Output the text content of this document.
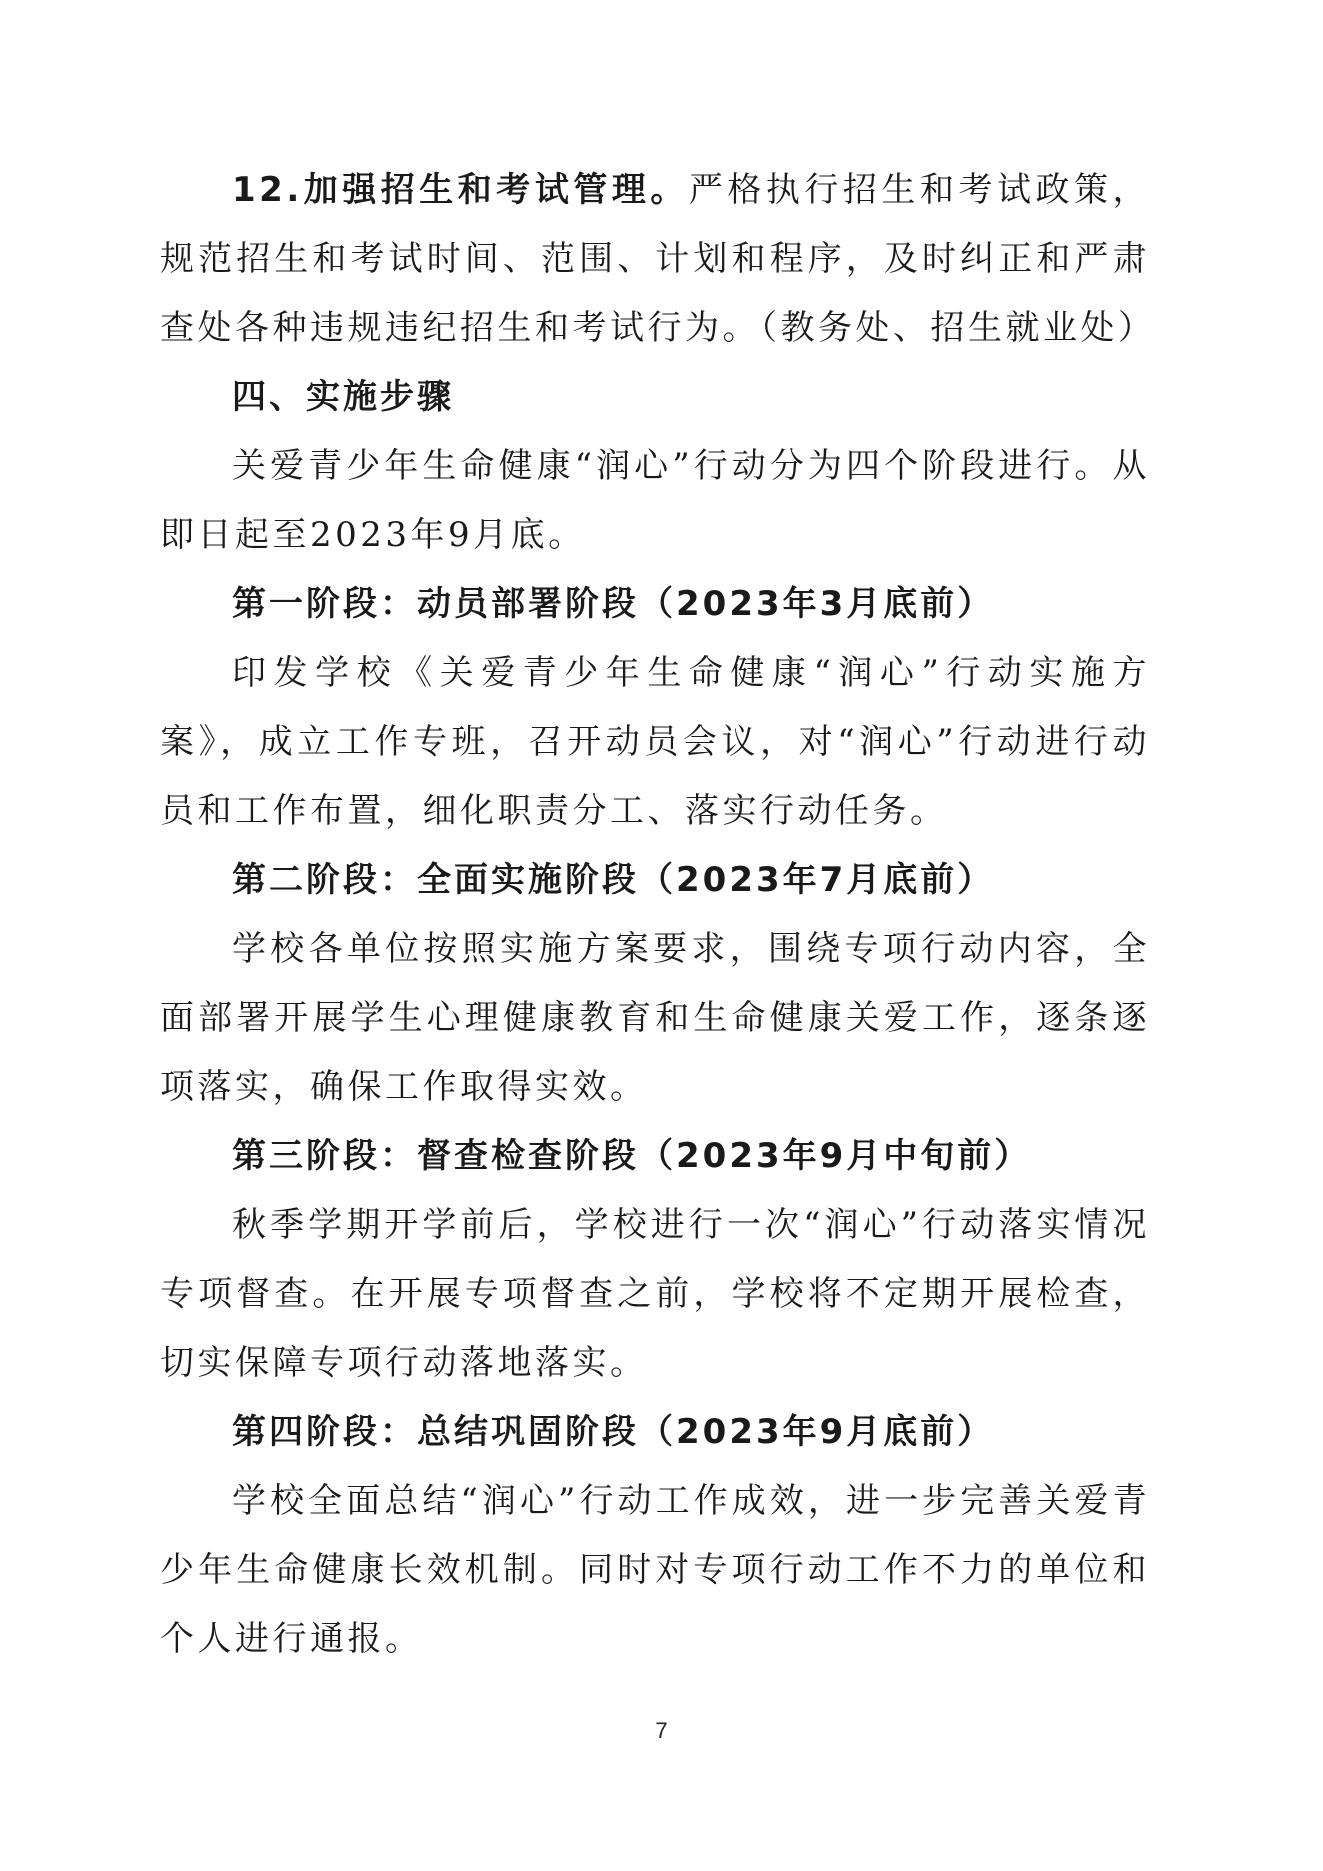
12.加强招生和考试管理。严格执行招生和考试政策，规范招生和考试时间、范围、计划和程序，及时纠正和严肃查处各种违规违纪招生和考试行为。（教务处、招生就业处）

四、实施步骤

关爱青少年生命健康“润心”行动分为四个阶段进行。从即日起至2023年9月底。

第一阶段：动员部署阶段（2023年3月底前）

印发学校《关爱青少年生命健康“润心”行动实施方案》，成立工作专班，召开动员会议，对“润心”行动进行动员和工作布置，细化职责分工、落实行动任务。

第二阶段：全面实施阶段（2023年7月底前）

学校各单位按照实施方案要求，围绕专项行动内容，全面部署开展学生心理健康教育和生命健康关爱工作，逐条逐项落实，确保工作取得实效。

第三阶段：督查检查阶段（2023年9月中旬前）

秋季学期开学前后，学校进行一次“润心”行动落实情况专项督查。在开展专项督查之前，学校将不定期开展检查，切实保障专项行动落地落实。

第四阶段：总结巩固阶段（2023年9月底前）

学校全面总结“润心”行动工作成效，进一步完善关爱青少年生命健康长效机制。同时对专项行动工作不力的单位和个人进行通报。

7
